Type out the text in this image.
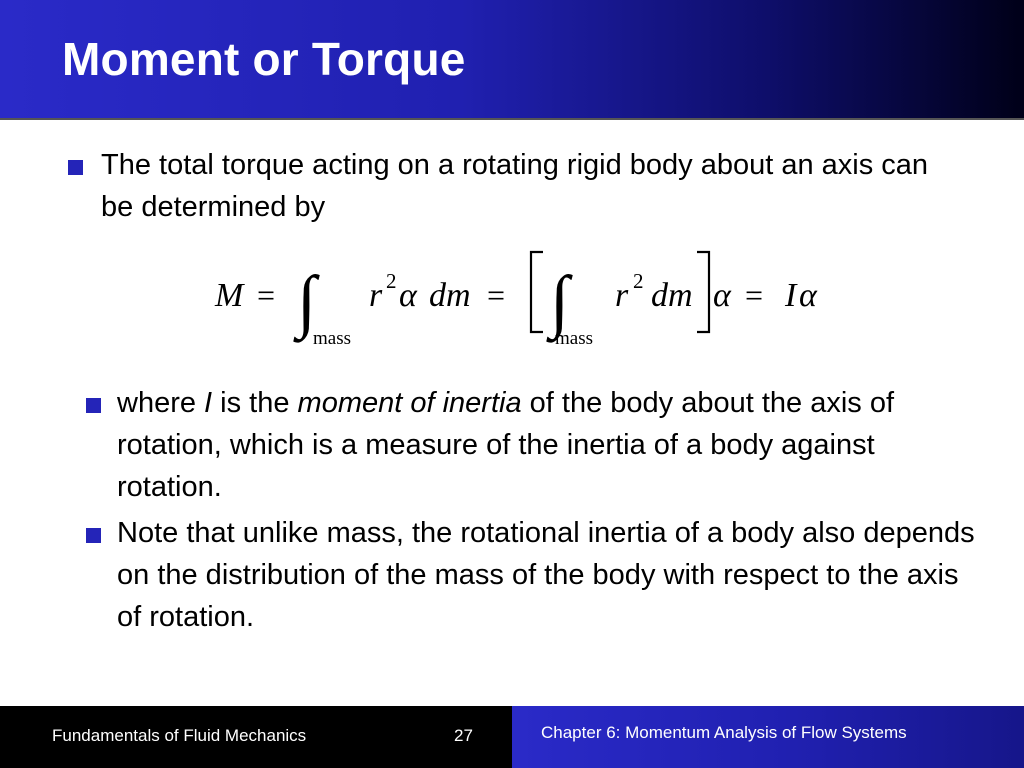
Moment or Torque
The total torque acting on a rotating rigid body about an axis can be determined by
M = ∫
mass
r 2 α dm = ∫
mass
r 2 dm α = I α
where I is the moment of inertia of the body about the axis of rotation, which is a measure of the inertia of a body against rotation.
Note that unlike mass, the rotational inertia of a body also depends on the distribution of the mass of the body with respect to the axis of rotation.
Fundamentals of Fluid Mechanics	27	Chapter 6: Momentum Analysis of Flow Systems
